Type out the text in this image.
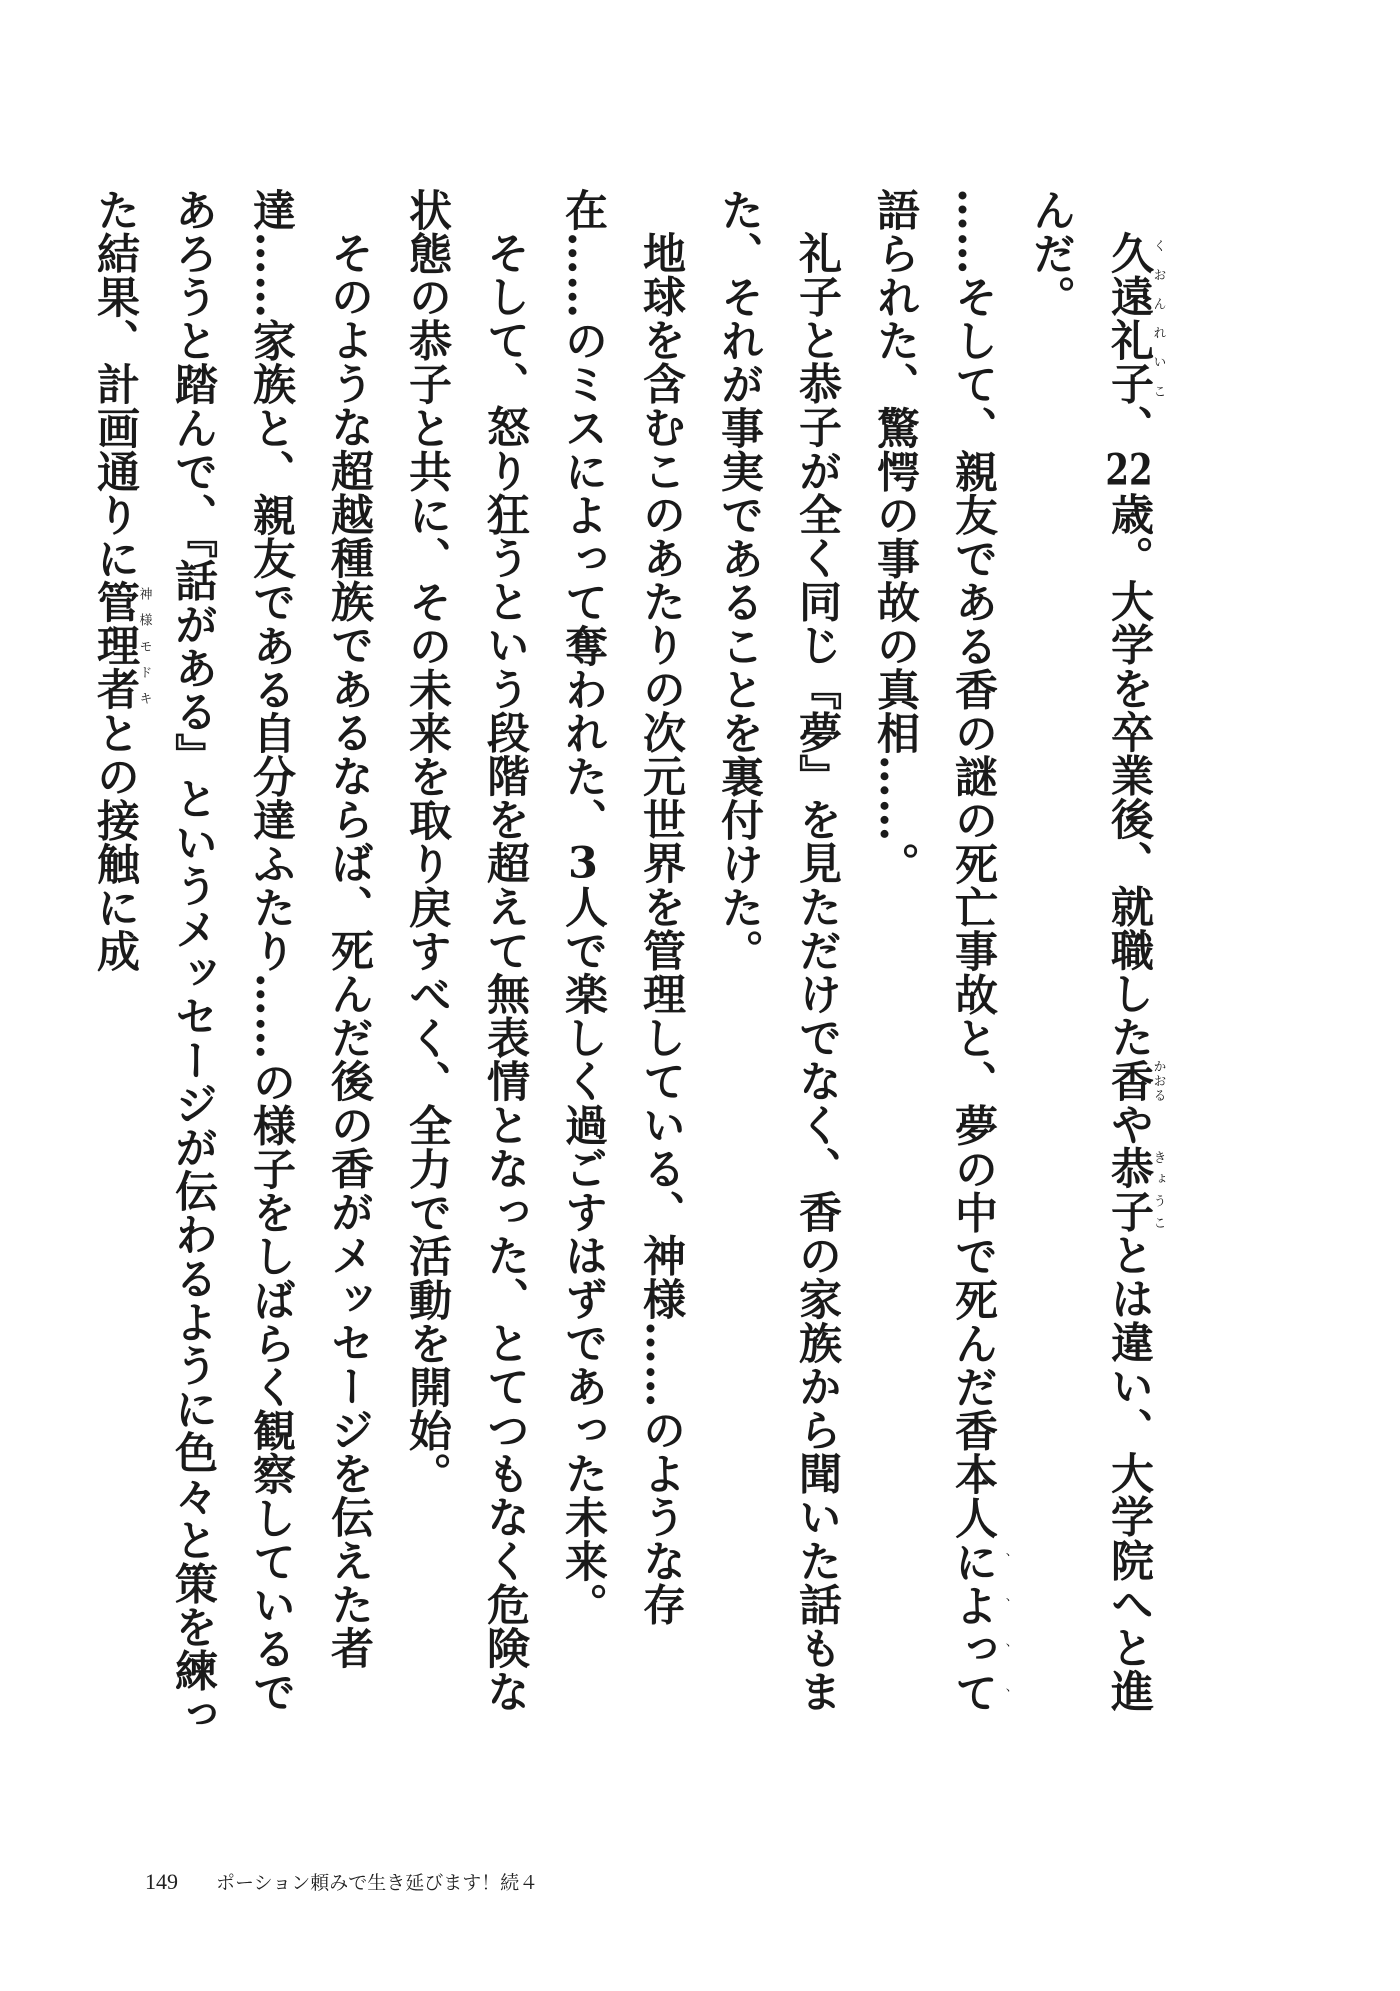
久遠礼子くおんれいこ、22歳。大学を卒業後、就職した香かおるや恭子きょうことは違い、大学院へと進んだ。

……そして、親友である香の謎の死亡事故と、夢の中で死んだ香本人によって、、、、語られた、驚愕の事故の真相……。

礼子と恭子が全く同じ『夢』を見ただけでなく、香の家族から聞いた話もまた、それが事実であることを裏付けた。

地球を含むこのあたりの次元世界を管理している、神様……のような存在……のミスによって奪われた、3人で楽しく過ごすはずであった未来。

そして、怒り狂うという段階を超えて無表情となった、とてつもなく危険な状態の恭子と共に、その未来を取り戻すべく、全力で活動を開始。

そのような超越種族であるならば、死んだ後の香がメッセージを伝えた者達……家族と、親友である自分達ふたり……の様子をしばらく観察しているであろうと踏んで、『話がある』というメッセージが伝わるように色々と策を練った結果、計画通りに管理者神様モドキとの接触に成

149 ポーション頼みで生き延びます！続４
